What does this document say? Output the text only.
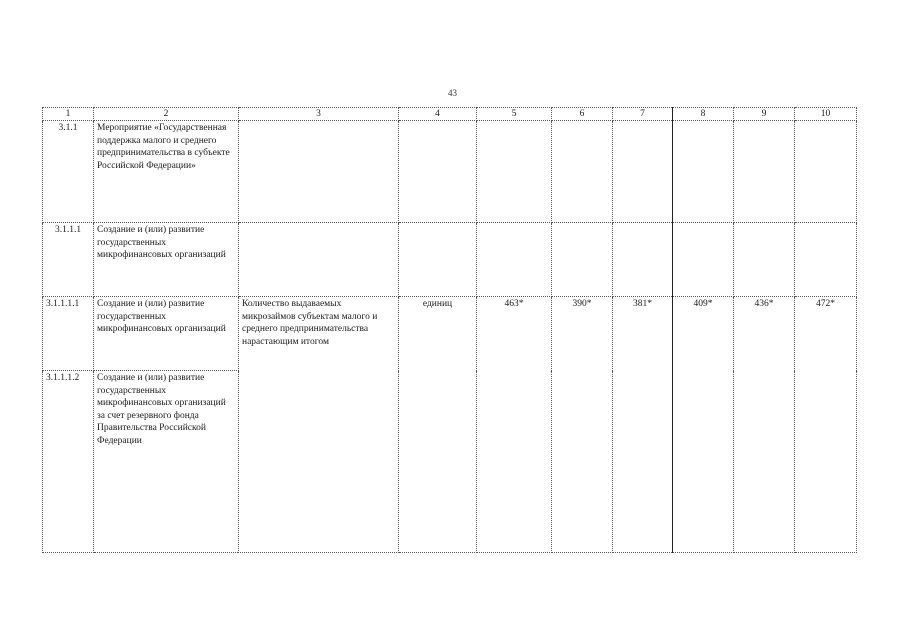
43
1	2	3	4	5	6	7	8	9	10
3.1.1	Мероприятие «Государственная поддержка малого и среднего предпринимательства в субъекте Российской Федерации»								
3.1.1.1	Создание и (или) развитие государственных микрофинансовых организаций								
3.1.1.1.1	Создание и (или) развитие государственных микрофинансовых организаций	Количество выдаваемых микрозаймов субъектам малого и среднего предпринимательства нарастающим итогом	единиц	463*	390*	381*	409*	436*	472*
3.1.1.1.2	Создание и (или) развитие государственных микрофинансовых организаций за счет резервного фонда Правительства Российской Федерации								
